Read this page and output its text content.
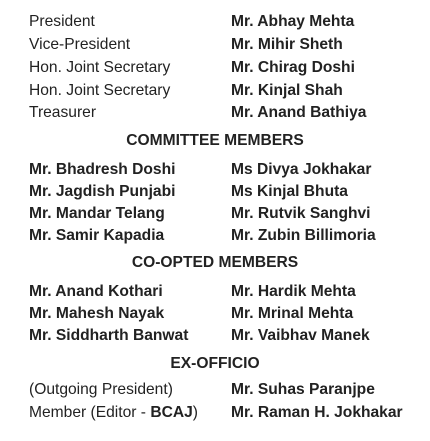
President	Mr. Abhay Mehta
Vice-President	Mr. Mihir Sheth
Hon. Joint Secretary	Mr. Chirag Doshi
Hon. Joint Secretary	Mr. Kinjal Shah
Treasurer	Mr. Anand Bathiya
COMMITTEE MEMBERS
Mr. Bhadresh Doshi	Ms Divya Jokhakar
Mr. Jagdish Punjabi	Ms Kinjal Bhuta
Mr. Mandar Telang	Mr. Rutvik Sanghvi
Mr. Samir Kapadia	Mr. Zubin Billimoria
CO-OPTED MEMBERS
Mr. Anand Kothari	Mr. Hardik Mehta
Mr. Mahesh Nayak	Mr. Mrinal Mehta
Mr. Siddharth Banwat	Mr. Vaibhav Manek
EX-OFFICIO
(Outgoing President)	Mr. Suhas Paranjpe
Member (Editor - BCAJ) Mr. Raman H. Jokhakar
